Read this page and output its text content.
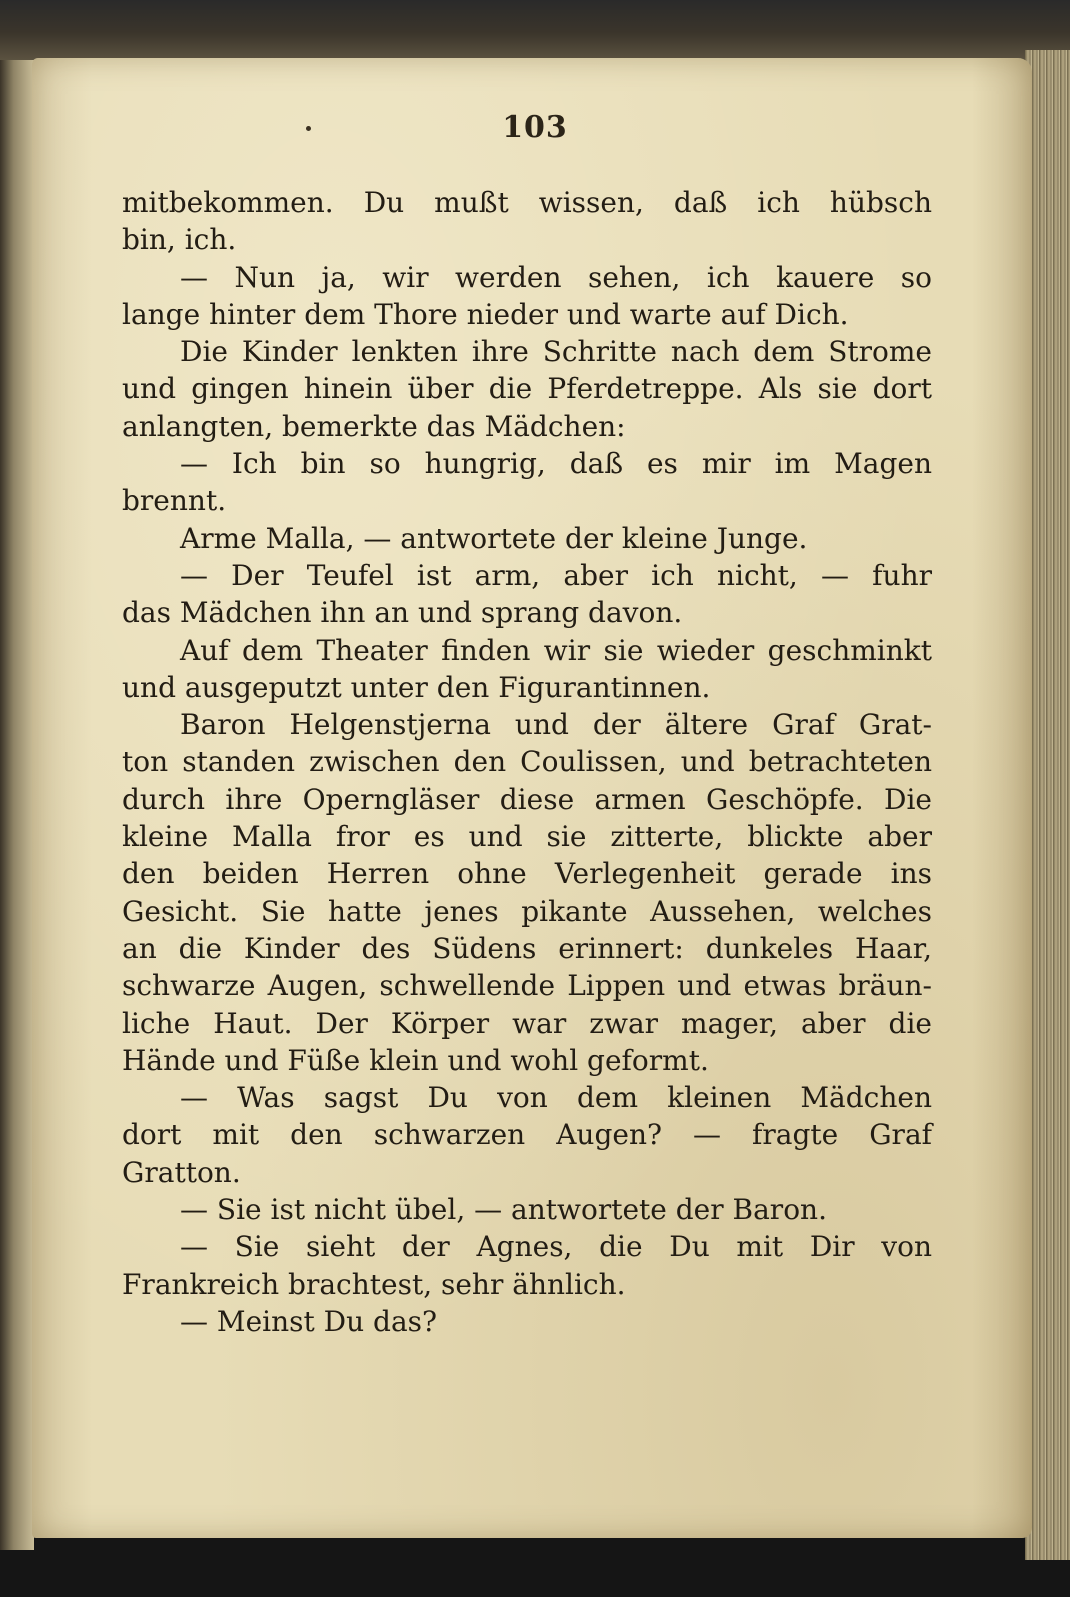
103
mitbekommen. Du mußt wissen, daß ich hübsch
bin, ich.
— Nun ja, wir werden sehen, ich kauere so
lange hinter dem Thore nieder und warte auf Dich.
Die Kinder lenkten ihre Schritte nach dem Strome
und gingen hinein über die Pferdetreppe. Als sie dort
anlangten, bemerkte das Mädchen:
— Ich bin so hungrig, daß es mir im Magen
brennt.
Arme Malla, — antwortete der kleine Junge.
— Der Teufel ist arm, aber ich nicht, — fuhr
das Mädchen ihn an und sprang davon.
Auf dem Theater finden wir sie wieder geschminkt
und ausgeputzt unter den Figurantinnen.
Baron Helgenstjerna und der ältere Graf Grat-
ton standen zwischen den Coulissen, und betrachteten
durch ihre Operngläser diese armen Geschöpfe. Die
kleine Malla fror es und sie zitterte, blickte aber
den beiden Herren ohne Verlegenheit gerade ins
Gesicht. Sie hatte jenes pikante Aussehen, welches
an die Kinder des Südens erinnert: dunkeles Haar,
schwarze Augen, schwellende Lippen und etwas bräun-
liche Haut. Der Körper war zwar mager, aber die
Hände und Füße klein und wohl geformt.
— Was sagst Du von dem kleinen Mädchen
dort mit den schwarzen Augen? — fragte Graf
Gratton.
— Sie ist nicht übel, — antwortete der Baron.
— Sie sieht der Agnes, die Du mit Dir von
Frankreich brachtest, sehr ähnlich.
— Meinst Du das?
